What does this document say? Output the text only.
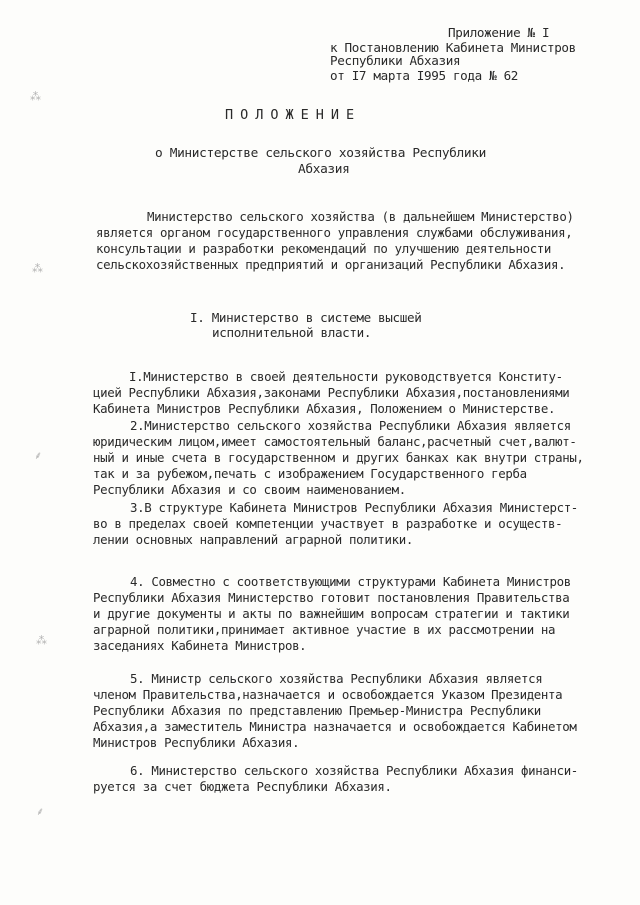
⁂
⁂
⸙
⁂
⸙
Приложение № I
к Постановлению Кабинета Министров
Республики Абхазия
от I7 марта I995 года № 62
ПОЛОЖЕНИЕ
о Министерстве сельского хозяйства Республики
Абхазия
Министерство сельского хозяйства (в дальнейшем Министерство)
является органом государственного управления службами обслуживания,
консультации и разработки рекомендаций по улучшению деятельности
сельскохозяйственных предприятий и организаций Республики Абхазия.
I. Министерство в системе высшей
исполнительной власти.
I.Министерство в своей деятельности руководствуется Конститу-
цией Республики Абхазия,законами Республики Абхазия,постановлениями
Кабинета Министров Республики Абхазия, Положением о Министерстве.
2.Министерство сельского хозяйства Республики Абхазия является
юридическим лицом,имеет самостоятельный баланс,расчетный счет,валют-
ный и иные счета в государственном и других банках как внутри страны,
так и за рубежом,печать с изображением Государственного герба
Республики Абхазия и со своим наименованием.
3.В структуре Кабинета Министров Республики Абхазия Министерст-
во в пределах своей компетенции участвует в разработке и осуществ-
лении основных направлений аграрной политики.
4. Совместно с соответствующими структурами Кабинета Министров
Республики Абхазия Министерство готовит постановления Правительства
и другие документы и акты по важнейшим вопросам стратегии и тактики
аграрной политики,принимает активное участие в их рассмотрении на
заседаниях Кабинета Министров.
5. Министр сельского хозяйства Республики Абхазия является
членом Правительства,назначается и освобождается Указом Президента
Республики Абхазия по представлению Премьер-Министра Республики
Абхазия,а заместитель Министра назначается и освобождается Кабинетом
Министров Республики Абхазия.
6. Министерство сельского хозяйства Республики Абхазия финанси-
руется за счет бюджета Республики Абхазия.
